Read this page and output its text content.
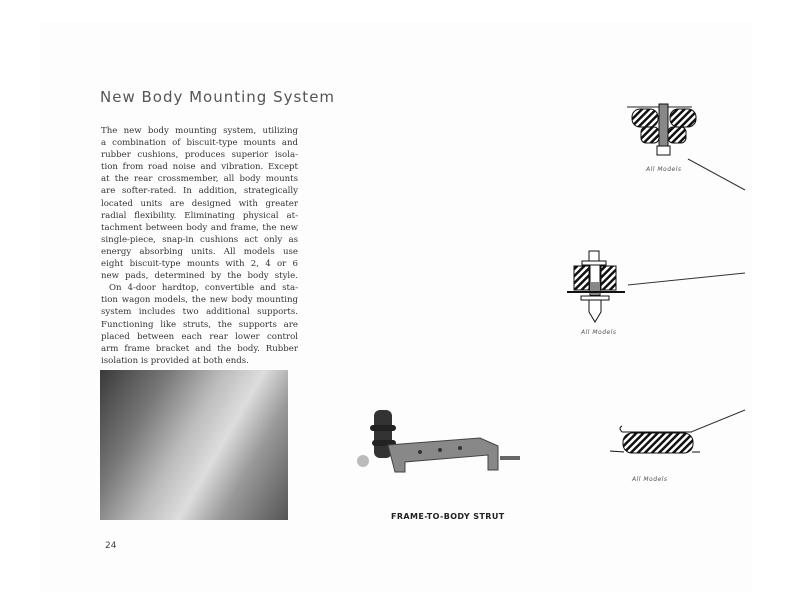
New Body Mounting System
The new body mounting system, utilizing
a combination of biscuit-type mounts and
rubber cushions, produces superior isola-
tion from road noise and vibration. Except
at the rear crossmember, all body mounts
are softer-rated. In addition, strategically
located units are designed with greater
radial flexibility. Eliminating physical at-
tachment between body and frame, the new
single-piece, snap-in cushions act only as
energy absorbing units. All models use
eight biscuit-type mounts with 2, 4 or 6
new pads, determined by the body style.
On 4-door hardtop, convertible and sta-
tion wagon models, the new body mounting
system includes two additional supports.
Functioning like struts, the supports are
placed between each rear lower control
arm frame bracket and the body. Rubber
isolation is provided at both ends.
All Models
All Models
All Models
FRAME-TO-BODY STRUT
24
